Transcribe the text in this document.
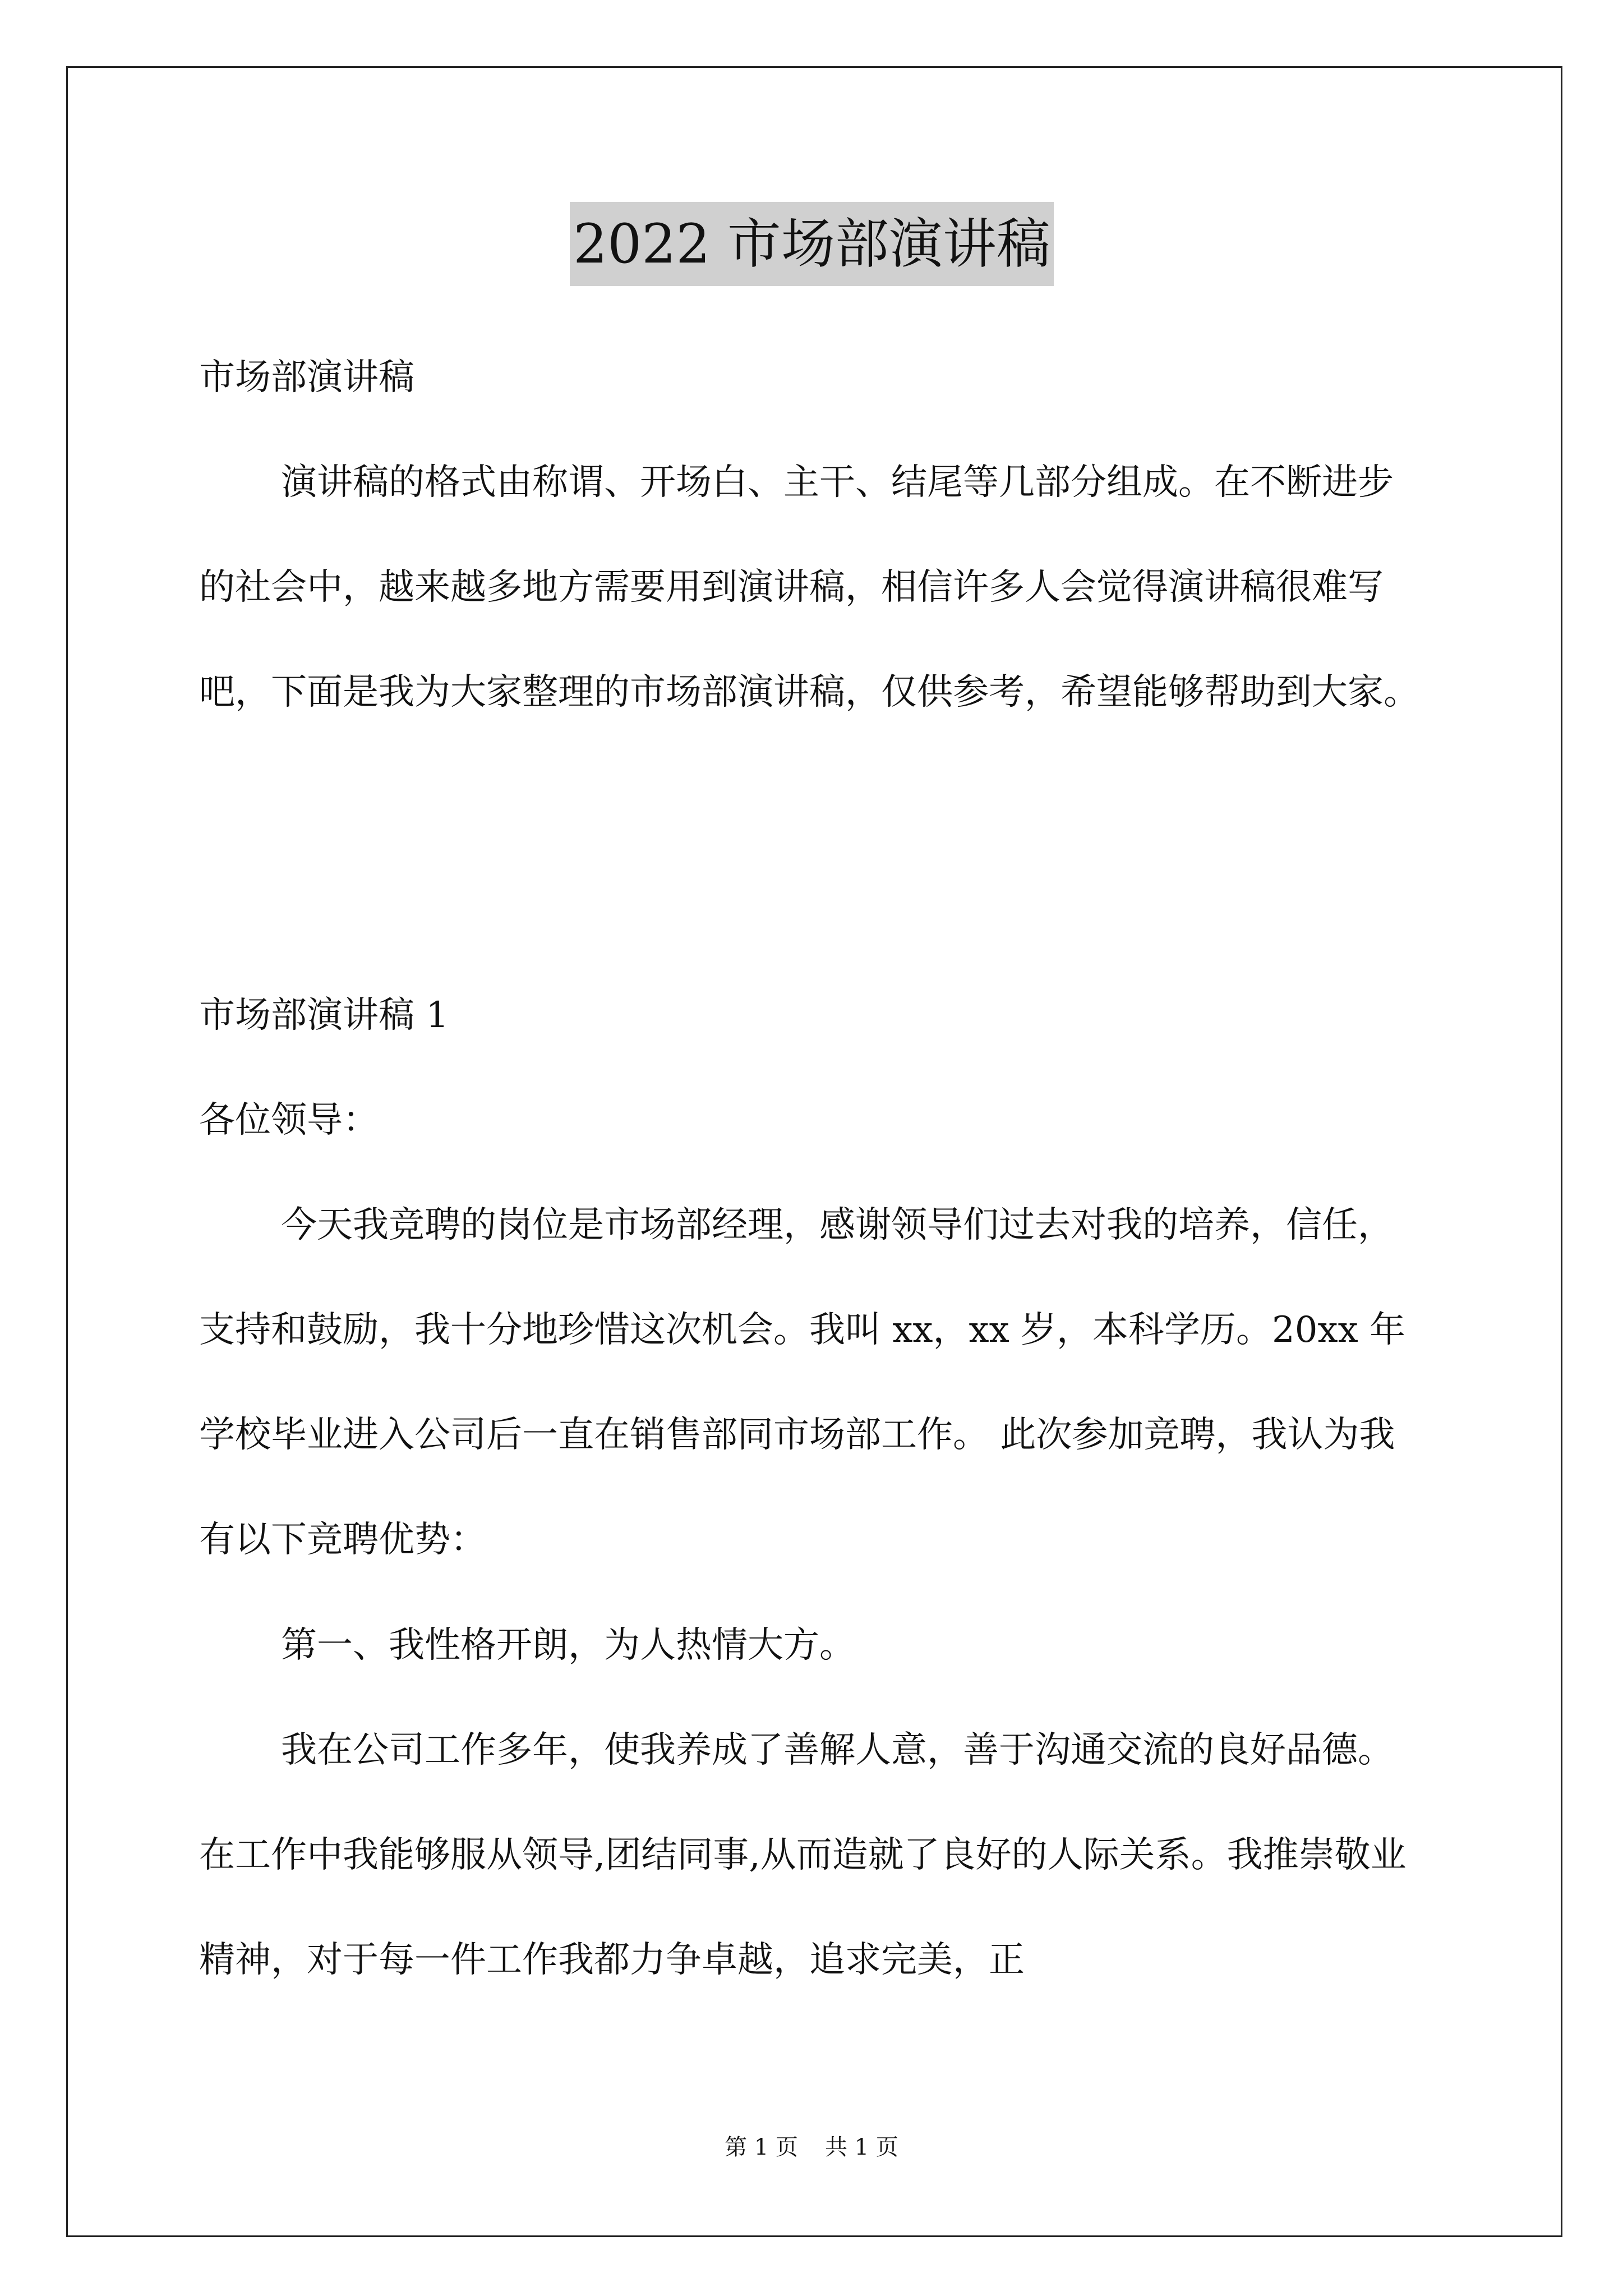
2022 市场部演讲稿

市场部演讲稿

演讲稿的格式由称谓、开场白、主干、结尾等几部分组成。在不断进步的社会中，越来越多地方需要用到演讲稿，相信许多人会觉得演讲稿很难写吧，下面是我为大家整理的市场部演讲稿，仅供参考，希望能够帮助到大家。

市场部演讲稿 1

各位领导：

今天我竞聘的岗位是市场部经理，感谢领导们过去对我的培养，信任，支持和鼓励，我十分地珍惜这次机会。我叫 xx，xx 岁，本科学历。20xx 年学校毕业进入公司后一直在销售部同市场部工作。 此次参加竞聘，我认为我有以下竞聘优势：

第一、我性格开朗，为人热情大方。

我在公司工作多年，使我养成了善解人意，善于沟通交流的良好品德。在工作中我能够服从领导,团结同事,从而造就了良好的人际关系。我推崇敬业精神，对于每一件工作我都力争卓越，追求完美，正

第 1 页 共 1 页
